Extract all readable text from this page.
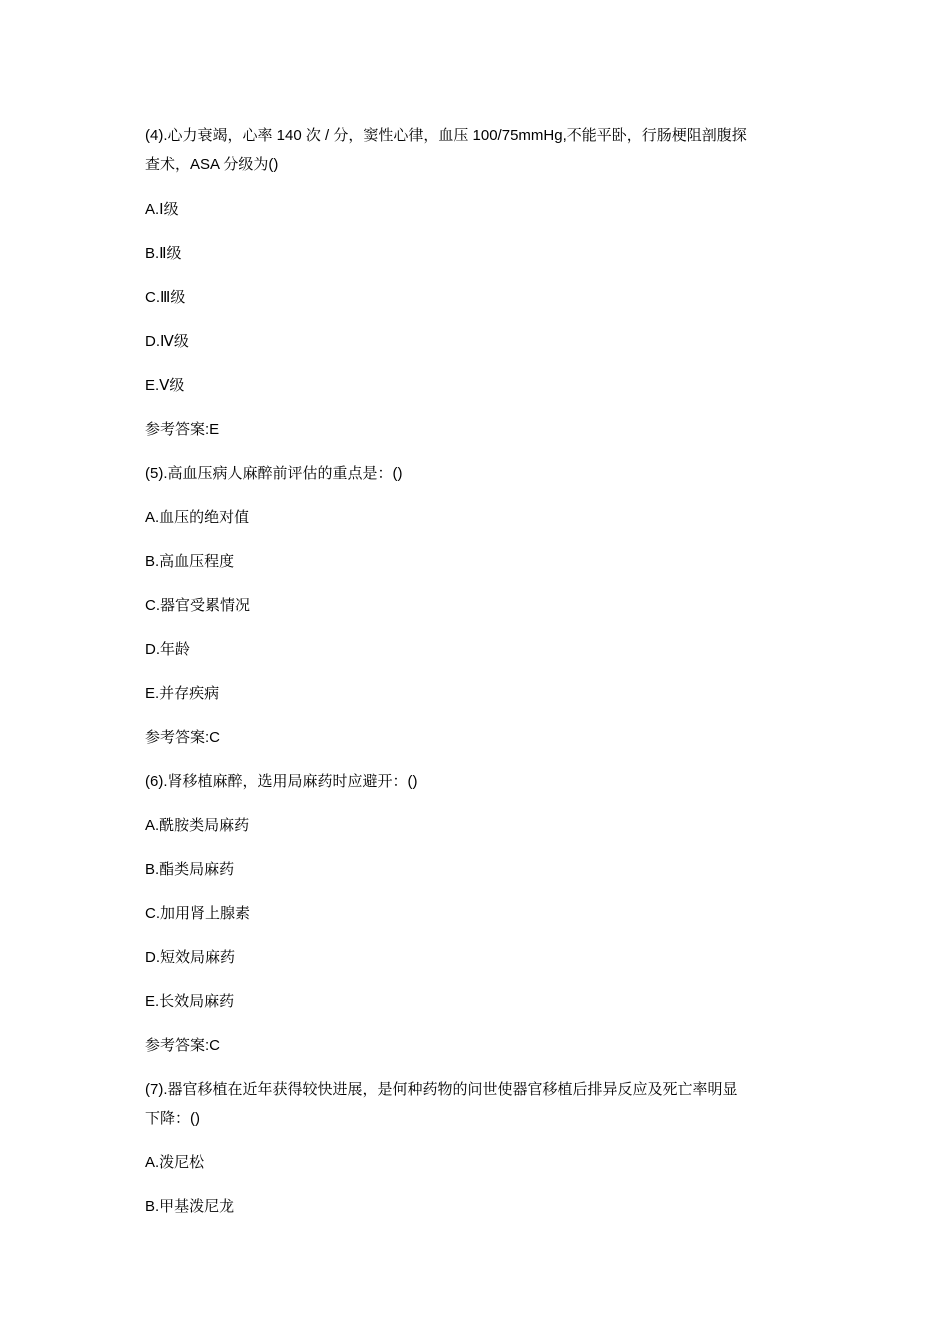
(4).心力衰竭，心率 140 次 / 分，窦性心律，血压 100/75mmHg,不能平卧，行肠梗阻剖腹探
查术，ASA 分级为()
A.Ⅰ级
B.Ⅱ级
C.Ⅲ级
D.Ⅳ级
E.Ⅴ级
参考答案:E
(5).高血压病人麻醉前评估的重点是：()
A.血压的绝对值
B.高血压程度
C.器官受累情况
D.年龄
E.并存疾病
参考答案:C
(6).肾移植麻醉，选用局麻药时应避开：()
A.酰胺类局麻药
B.酯类局麻药
C.加用肾上腺素
D.短效局麻药
E.长效局麻药
参考答案:C
(7).器官移植在近年获得较快进展，是何种药物的问世使器官移植后排异反应及死亡率明显
下降：()
A.泼尼松
B.甲基泼尼龙
